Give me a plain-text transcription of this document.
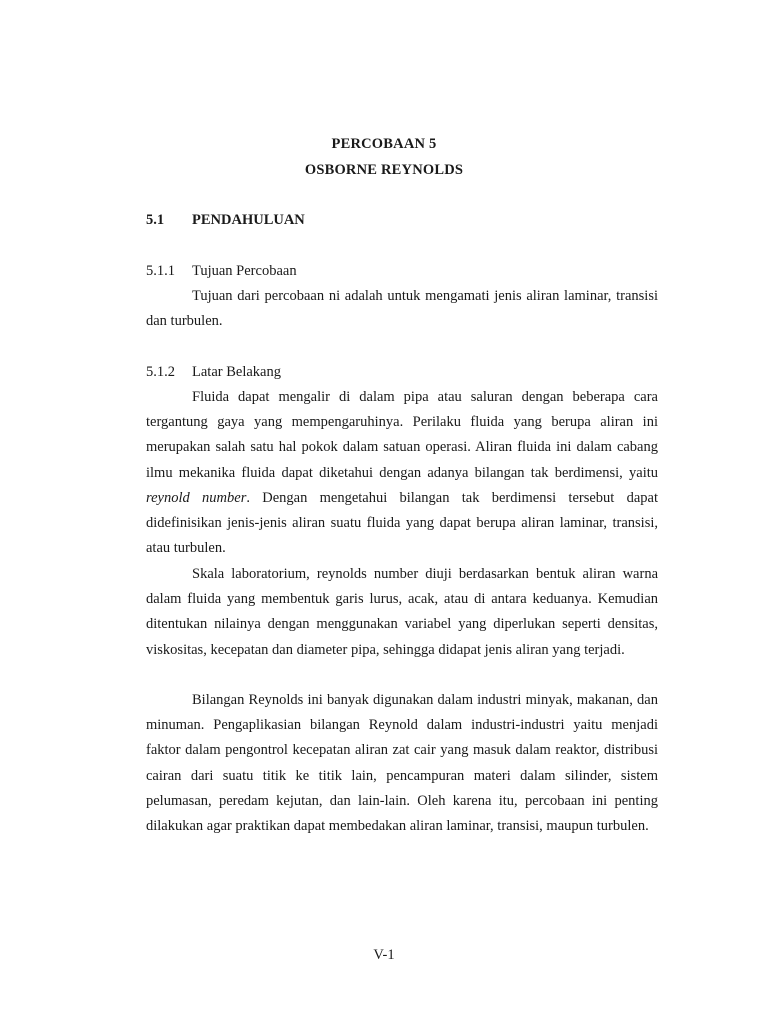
PERCOBAAN 5
OSBORNE REYNOLDS
5.1 PENDAHULUAN
5.1.1 Tujuan Percobaan

Tujuan dari percobaan ni adalah untuk mengamati jenis aliran laminar, transisi dan turbulen.

5.1.2 Latar Belakang

Fluida dapat mengalir di dalam pipa atau saluran dengan beberapa cara tergantung gaya yang mempengaruhinya. Perilaku fluida yang berupa aliran ini merupakan salah satu hal pokok dalam satuan operasi. Aliran fluida ini dalam cabang ilmu mekanika fluida dapat diketahui dengan adanya bilangan tak berdimensi, yaitu reynold number. Dengan mengetahui bilangan tak berdimensi tersebut dapat didefinisikan jenis-jenis aliran suatu fluida yang dapat berupa aliran laminar, transisi, atau turbulen.

Skala laboratorium, reynolds number diuji berdasarkan bentuk aliran warna dalam fluida yang membentuk garis lurus, acak, atau di antara keduanya. Kemudian ditentukan nilainya dengan menggunakan variabel yang diperlukan seperti densitas, viskositas, kecepatan dan diameter pipa, sehingga didapat jenis aliran yang terjadi.

Bilangan Reynolds ini banyak digunakan dalam industri minyak, makanan, dan minuman. Pengaplikasian bilangan Reynold dalam industri-industri yaitu menjadi faktor dalam pengontrol kecepatan aliran zat cair yang masuk dalam reaktor, distribusi cairan dari suatu titik ke titik lain, pencampuran materi dalam silinder, sistem pelumasan, peredam kejutan, dan lain-lain. Oleh karena itu, percobaan ini penting dilakukan agar praktikan dapat membedakan aliran laminar, transisi, maupun turbulen.

V-1
